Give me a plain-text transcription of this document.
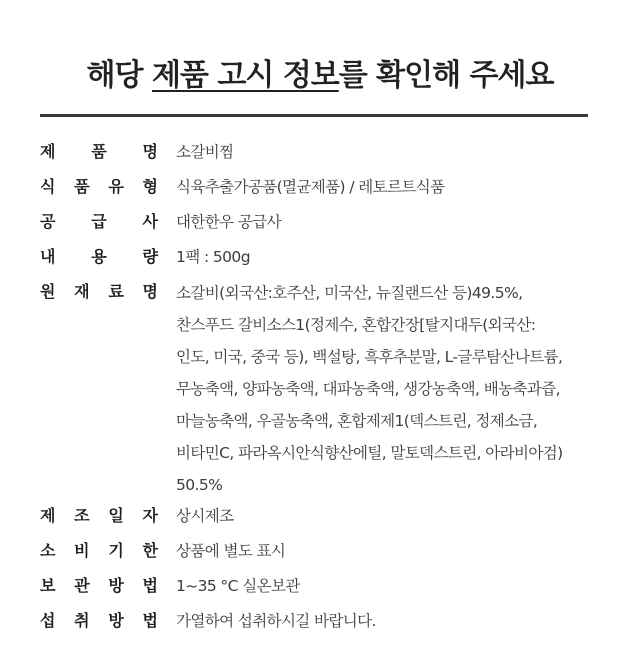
해당 제품 고시 정보를 확인해 주세요
제 품 명 소갈비찜
식 품 유 형 식육추출가공품(멸균제품) / 레토르트식품
공 급 사 대한한우 공급사
내 용 량 1팩 : 500g
원 재 료 명 소갈비(외국산:호주산, 미국산, 뉴질랜드산 등)49.5%,
찬스푸드 갈비소스1(정제수, 혼합간장[탈지대두(외국산:
인도, 미국, 중국 등), 백설탕, 흑후추분말, L-글루탐산나트륨,
무농축액, 양파농축액, 대파농축액, 생강농축액, 배농축과즙,
마늘농축액, 우골농축액, 혼합제제1(덱스트린, 정제소금,
비타민C, 파라옥시안식향산에틸, 말토덱스트린, 아라비아검)
50.5%
제 조 일 자 상시제조
소 비 기 한 상품에 별도 표시
보 관 방 법 1~35 °C 실온보관
섭 취 방 법 가열하여 섭취하시길 바랍니다.
